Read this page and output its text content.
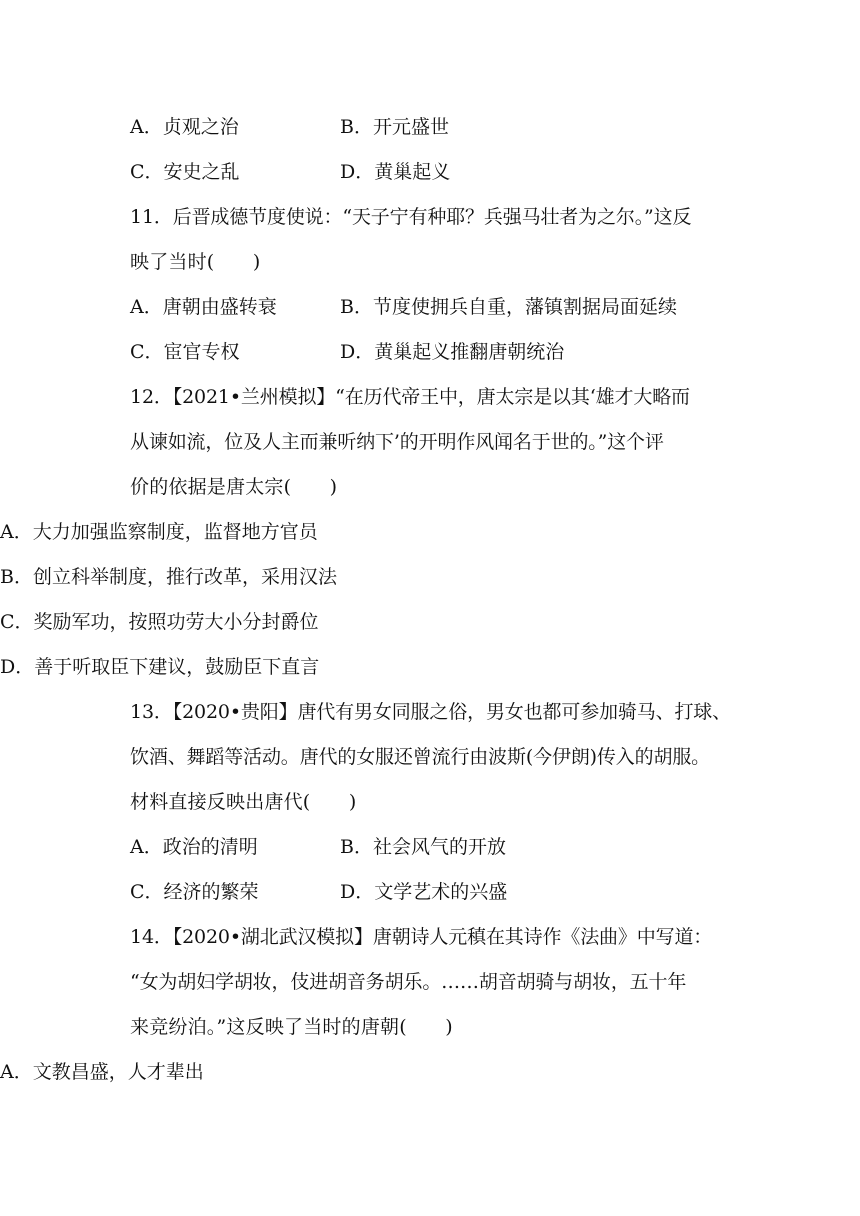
A．贞观之治	B．开元盛世
C．安史之乱	D．黄巢起义
11．后晋成德节度使说：“天子宁有种耶？兵强马壮者为之尔。”这反
映了当时(　　)
A．唐朝由盛转衰	B．节度使拥兵自重，藩镇割据局面延续
C．宦官专权	D．黄巢起义推翻唐朝统治
12．【2021•兰州模拟】“在历代帝王中，唐太宗是以其‘雄才大略而
从谏如流，位及人主而兼听纳下’的开明作风闻名于世的。”这个评
价的依据是唐太宗(　　)
A．大力加强监察制度，监督地方官员
B．创立科举制度，推行改革，采用汉法
C．奖励军功，按照功劳大小分封爵位
D．善于听取臣下建议，鼓励臣下直言
13．【2020•贵阳】唐代有男女同服之俗，男女也都可参加骑马、打球、
饮酒、舞蹈等活动。唐代的女服还曾流行由波斯(今伊朗)传入的胡服。
材料直接反映出唐代(　　)
A．政治的清明	B．社会风气的开放
C．经济的繁荣	D．文学艺术的兴盛
14．【2020•湖北武汉模拟】唐朝诗人元稹在其诗作《法曲》中写道：
“女为胡妇学胡妆，伎进胡音务胡乐。……胡音胡骑与胡妆，五十年
来竞纷泊。”这反映了当时的唐朝(　　)
A．文教昌盛，人才辈出
